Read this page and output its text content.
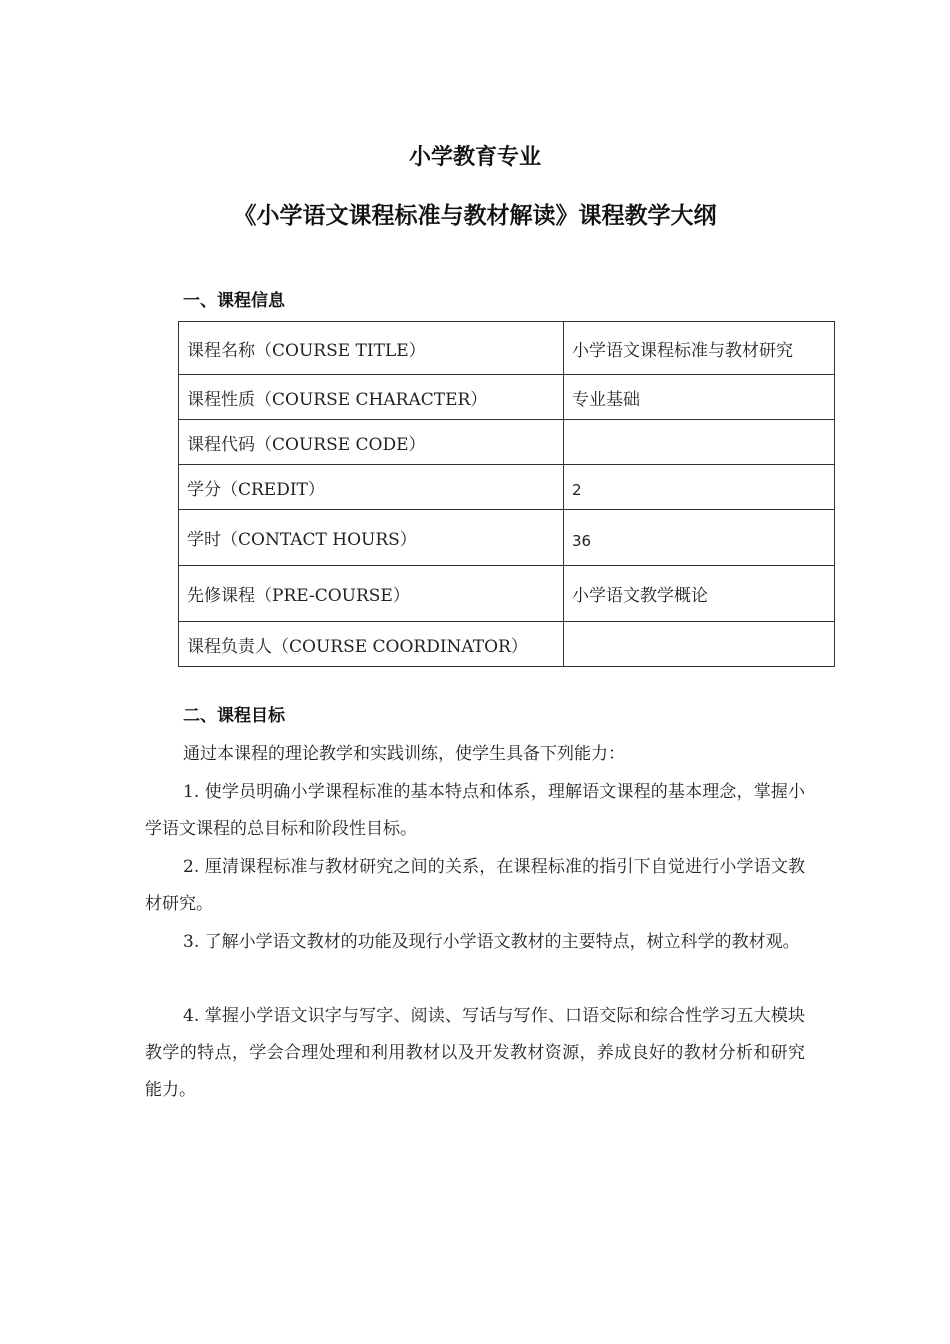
小学教育专业
《小学语文课程标准与教材解读》课程教学大纲
一、课程信息
课程名称（COURSE TITLE）	小学语文课程标准与教材研究
课程性质（COURSE CHARACTER）	专业基础
课程代码（COURSE CODE）	
学分（CREDIT）	2
学时（CONTACT HOURS）	36
先修课程（PRE-COURSE）	小学语文教学概论
课程负责人（COURSE COORDINATOR）	
二、课程目标

通过本课程的理论教学和实践训练，使学生具备下列能力：

1. 使学员明确小学课程标准的基本特点和体系，理解语文课程的基本理念，掌握小学语文课程的总目标和阶段性目标。

2. 厘清课程标准与教材研究之间的关系，在课程标准的指引下自觉进行小学语文教材研究。

3. 了解小学语文教材的功能及现行小学语文教材的主要特点，树立科学的教材观。

4. 掌握小学语文识字与写字、阅读、写话与写作、口语交际和综合性学习五大模块教学的特点，学会合理处理和利用教材以及开发教材资源，养成良好的教材分析和研究能力。
